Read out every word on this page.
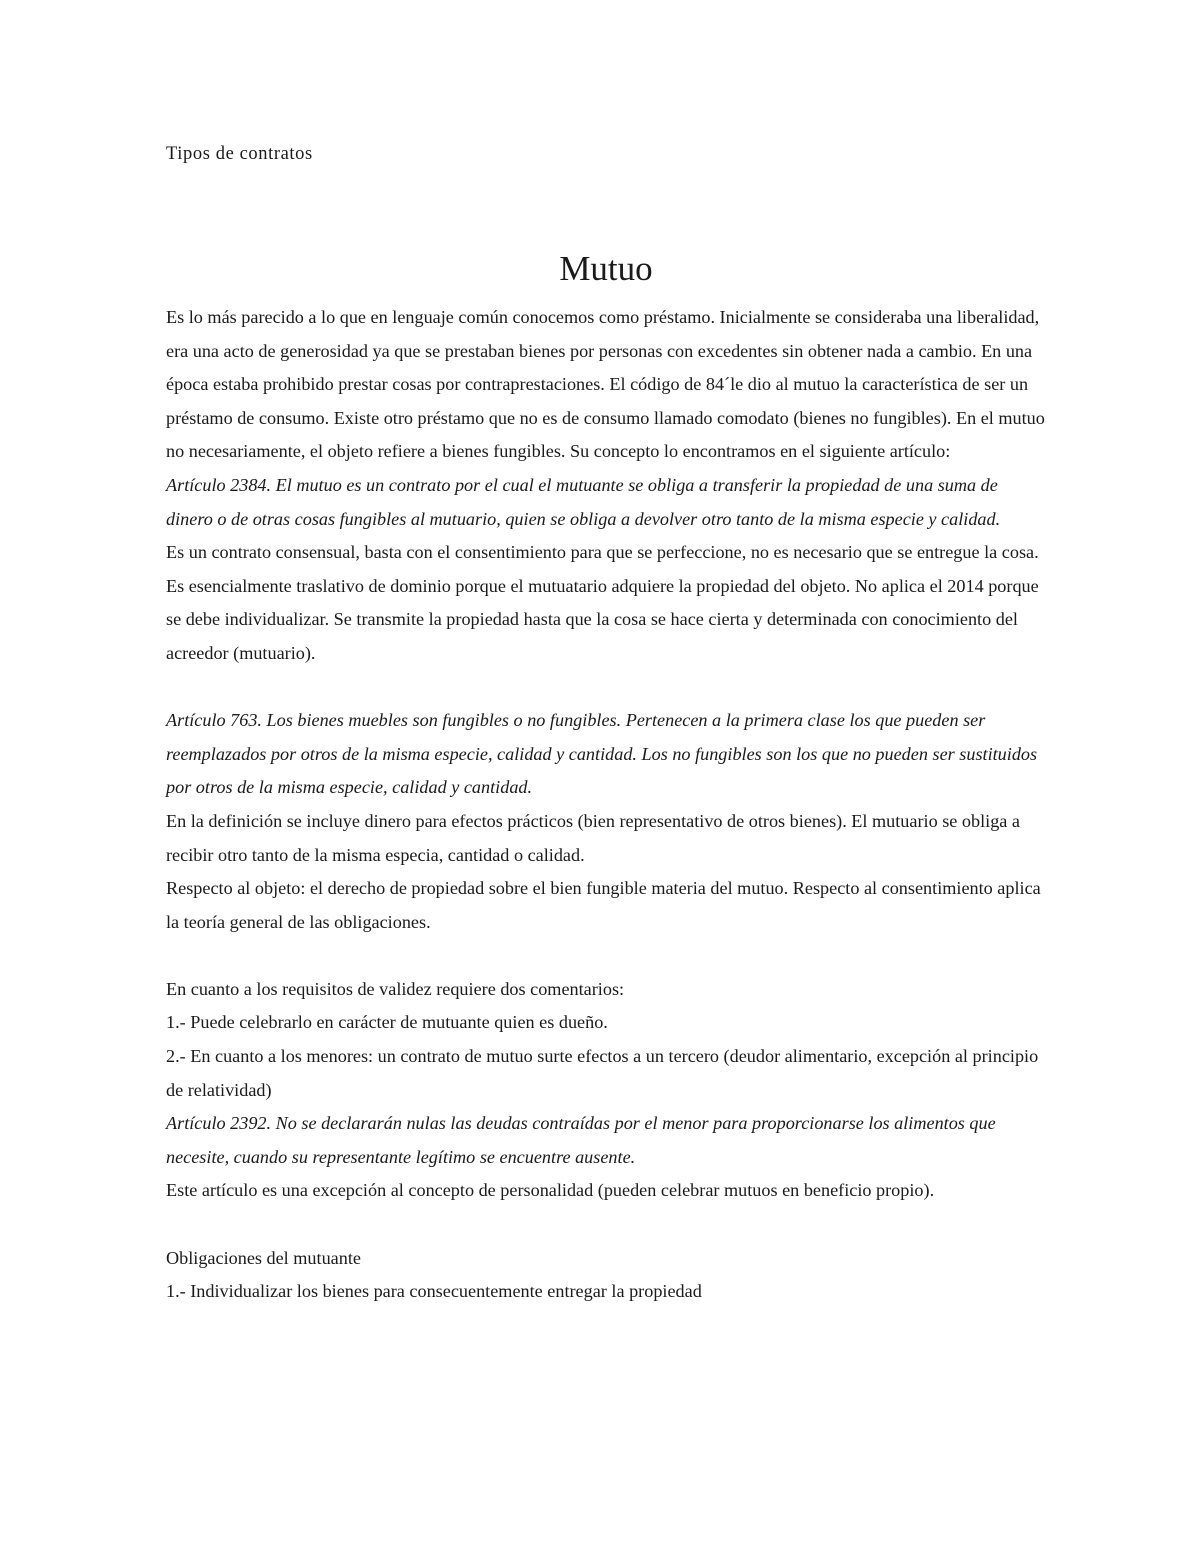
Tipos de contratos

Mutuo

Es lo más parecido a lo que en lenguaje común conocemos como préstamo. Inicialmente se consideraba una liberalidad, era una acto de generosidad ya que se prestaban bienes por personas con excedentes sin obtener nada a cambio. En una época estaba prohibido prestar cosas por contraprestaciones. El código de 84´le dio al mutuo la característica de ser un préstamo de consumo. Existe otro préstamo que no es de consumo llamado comodato (bienes no fungibles). En el mutuo no necesariamente, el objeto refiere a bienes fungibles. Su concepto lo encontramos en el siguiente artículo:

Artículo 2384. El mutuo es un contrato por el cual el mutuante se obliga a transferir la propiedad de una suma de dinero o de otras cosas fungibles al mutuario, quien se obliga a devolver otro tanto de la misma especie y calidad.

Es un contrato consensual, basta con el consentimiento para que se perfeccione, no es necesario que se entregue la cosa.

Es esencialmente traslativo de dominio porque el mutuatario adquiere la propiedad del objeto. No aplica el 2014 porque se debe individualizar. Se transmite la propiedad hasta que la cosa se hace cierta y determinada con conocimiento del acreedor (mutuario).

Artículo 763. Los bienes muebles son fungibles o no fungibles. Pertenecen a la primera clase los que pueden ser reemplazados por otros de la misma especie, calidad y cantidad. Los no fungibles son los que no pueden ser sustituidos por otros de la misma especie, calidad y cantidad.

En la definición se incluye dinero para efectos prácticos (bien representativo de otros bienes). El mutuario se obliga a recibir otro tanto de la misma especia, cantidad o calidad.

Respecto al objeto: el derecho de propiedad sobre el bien fungible materia del mutuo. Respecto al consentimiento aplica la teoría general de las obligaciones.

En cuanto a los requisitos de validez requiere dos comentarios:

1.- Puede celebrarlo en carácter de mutuante quien es dueño.

2.- En cuanto a los menores: un contrato de mutuo surte efectos a un tercero (deudor alimentario, excepción al principio de relatividad)

Artículo 2392. No se declararán nulas las deudas contraídas por el menor para proporcionarse los alimentos que necesite, cuando su representante legítimo se encuentre ausente.

Este artículo es una excepción al concepto de personalidad (pueden celebrar mutuos en beneficio propio).

Obligaciones del mutuante

1.- Individualizar los bienes para consecuentemente entregar la propiedad
